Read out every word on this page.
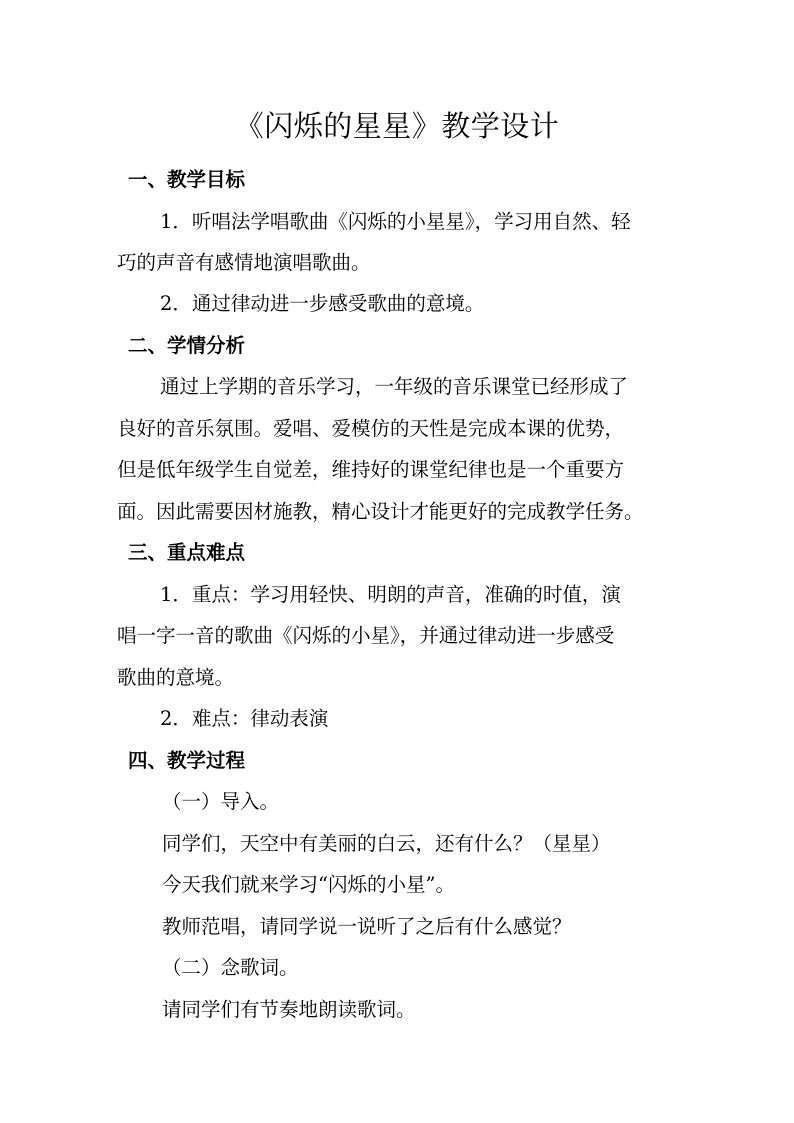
《闪烁的星星》教学设计
一、教学目标
1．听唱法学唱歌曲《闪烁的小星星》，学习用自然、轻
巧的声音有感情地演唱歌曲。
2．通过律动进一步感受歌曲的意境。
二、学情分析
通过上学期的音乐学习，一年级的音乐课堂已经形成了
良好的音乐氛围。爱唱、爱模仿的天性是完成本课的优势，
但是低年级学生自觉差，维持好的课堂纪律也是一个重要方
面。因此需要因材施教，精心设计才能更好的完成教学任务。
三、重点难点
1．重点：学习用轻快、明朗的声音，准确的时值，演
唱一字一音的歌曲《闪烁的小星》，并通过律动进一步感受
歌曲的意境。
2．难点：律动表演
四、教学过程
（一）导入。
同学们，天空中有美丽的白云，还有什么？（星星）
今天我们就来学习“闪烁的小星”。
教师范唱，请同学说一说听了之后有什么感觉？
（二）念歌词。
请同学们有节奏地朗读歌词。
